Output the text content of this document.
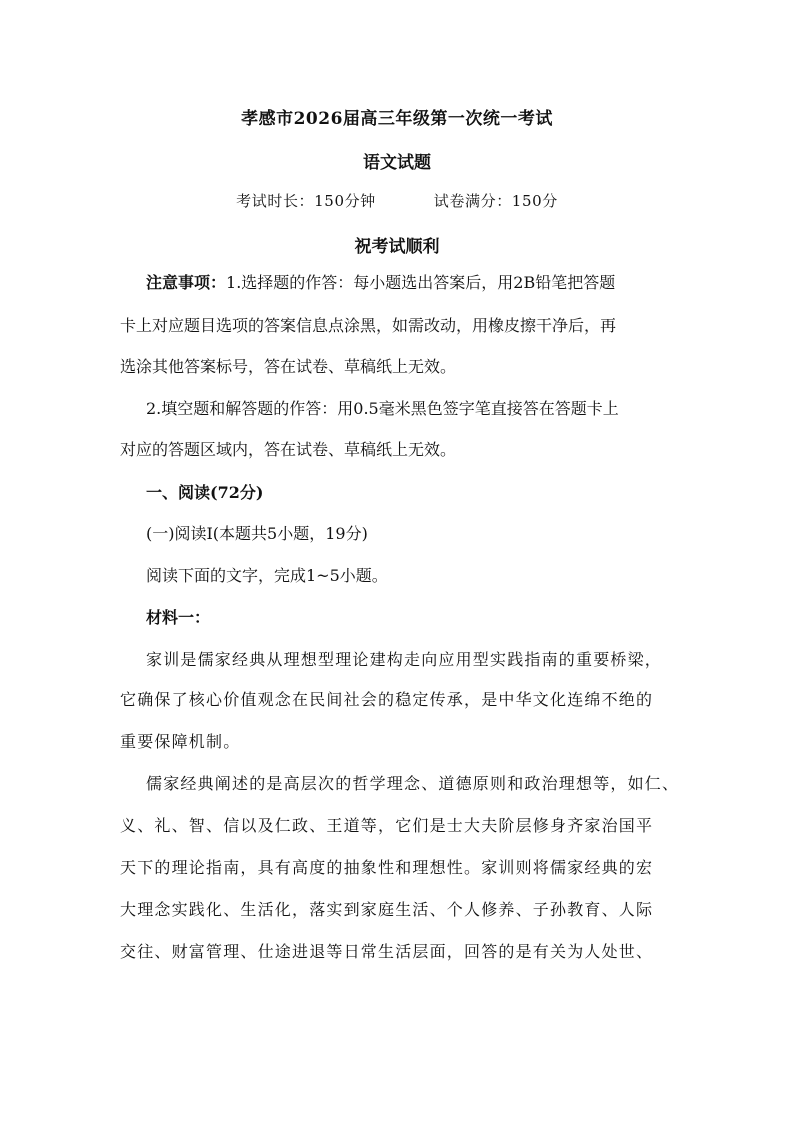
孝感市2026届高三年级第一次统一考试
语文试题
考试时长：150分钟	试卷满分：150分
祝考试顺利
注意事项：1.选择题的作答：每小题选出答案后，用2B铅笔把答题
卡上对应题目选项的答案信息点涂黑，如需改动，用橡皮擦干净后，再
选涂其他答案标号，答在试卷、草稿纸上无效。
2.填空题和解答题的作答：用0.5毫米黑色签字笔直接答在答题卡上
对应的答题区域内，答在试卷、草稿纸上无效。
一、阅读(72分)
(一)阅读Ⅰ(本题共5小题，19分)
阅读下面的文字，完成1~5小题。
材料一：
家训是儒家经典从理想型理论建构走向应用型实践指南的重要桥梁，
它确保了核心价值观念在民间社会的稳定传承，是中华文化连绵不绝的
重要保障机制。
儒家经典阐述的是高层次的哲学理念、道德原则和政治理想等，如仁、
义、礼、智、信以及仁政、王道等，它们是士大夫阶层修身齐家治国平
天下的理论指南，具有高度的抽象性和理想性。家训则将儒家经典的宏
大理念实践化、生活化，落实到家庭生活、个人修养、子孙教育、人际
交往、财富管理、仕途进退等日常生活层面，回答的是有关为人处世、
